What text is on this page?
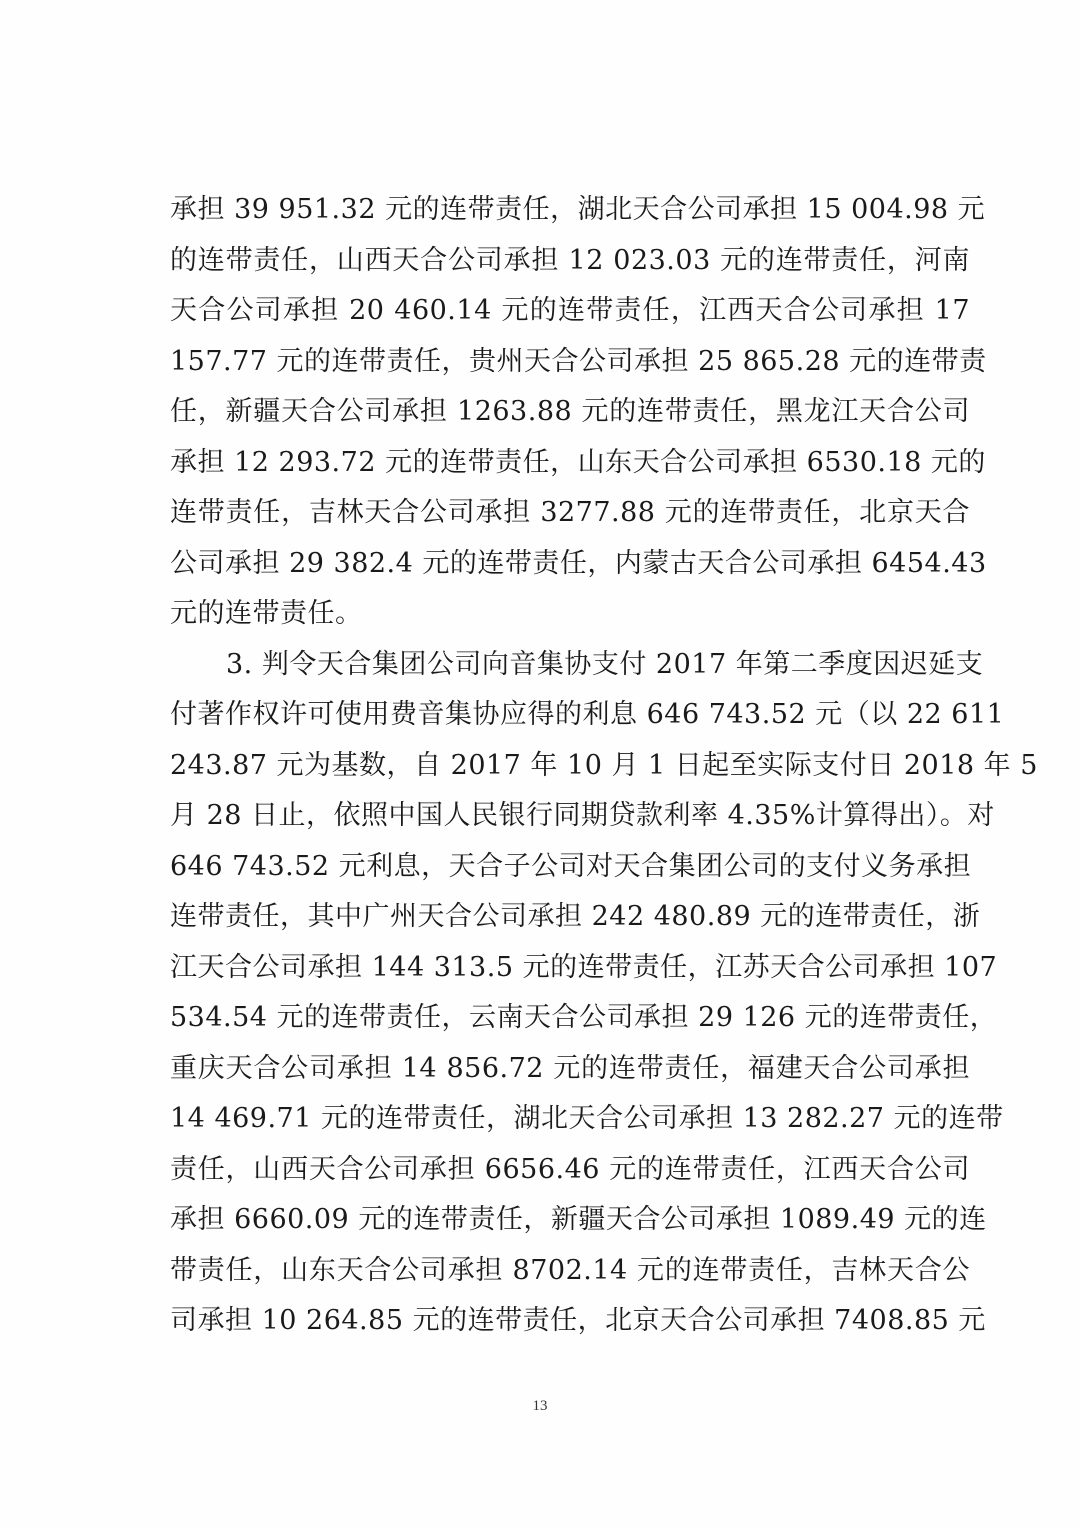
承担 39 951.32 元的连带责任，湖北天合公司承担 15 004.98 元
的连带责任，山西天合公司承担 12 023.03 元的连带责任，河南
天合公司承担 20 460.14 元的连带责任，江西天合公司承担 17
157.77 元的连带责任，贵州天合公司承担 25 865.28 元的连带责
任，新疆天合公司承担 1263.88 元的连带责任，黑龙江天合公司
承担 12 293.72 元的连带责任，山东天合公司承担 6530.18 元的
连带责任，吉林天合公司承担 3277.88 元的连带责任，北京天合
公司承担 29 382.4 元的连带责任，内蒙古天合公司承担 6454.43
元的连带责任。
3. 判令天合集团公司向音集协支付 2017 年第二季度因迟延支
付著作权许可使用费音集协应得的利息 646 743.52 元（以 22 611
243.87 元为基数，自 2017 年 10 月 1 日起至实际支付日 2018 年 5
月 28 日止，依照中国人民银行同期贷款利率 4.35%计算得出）。对
646 743.52 元利息，天合子公司对天合集团公司的支付义务承担
连带责任，其中广州天合公司承担 242 480.89 元的连带责任，浙
江天合公司承担 144 313.5 元的连带责任，江苏天合公司承担 107
534.54 元的连带责任，云南天合公司承担 29 126 元的连带责任，
重庆天合公司承担 14 856.72 元的连带责任，福建天合公司承担
14 469.71 元的连带责任，湖北天合公司承担 13 282.27 元的连带
责任，山西天合公司承担 6656.46 元的连带责任，江西天合公司
承担 6660.09 元的连带责任，新疆天合公司承担 1089.49 元的连
带责任，山东天合公司承担 8702.14 元的连带责任，吉林天合公
司承担 10 264.85 元的连带责任，北京天合公司承担 7408.85 元
13
